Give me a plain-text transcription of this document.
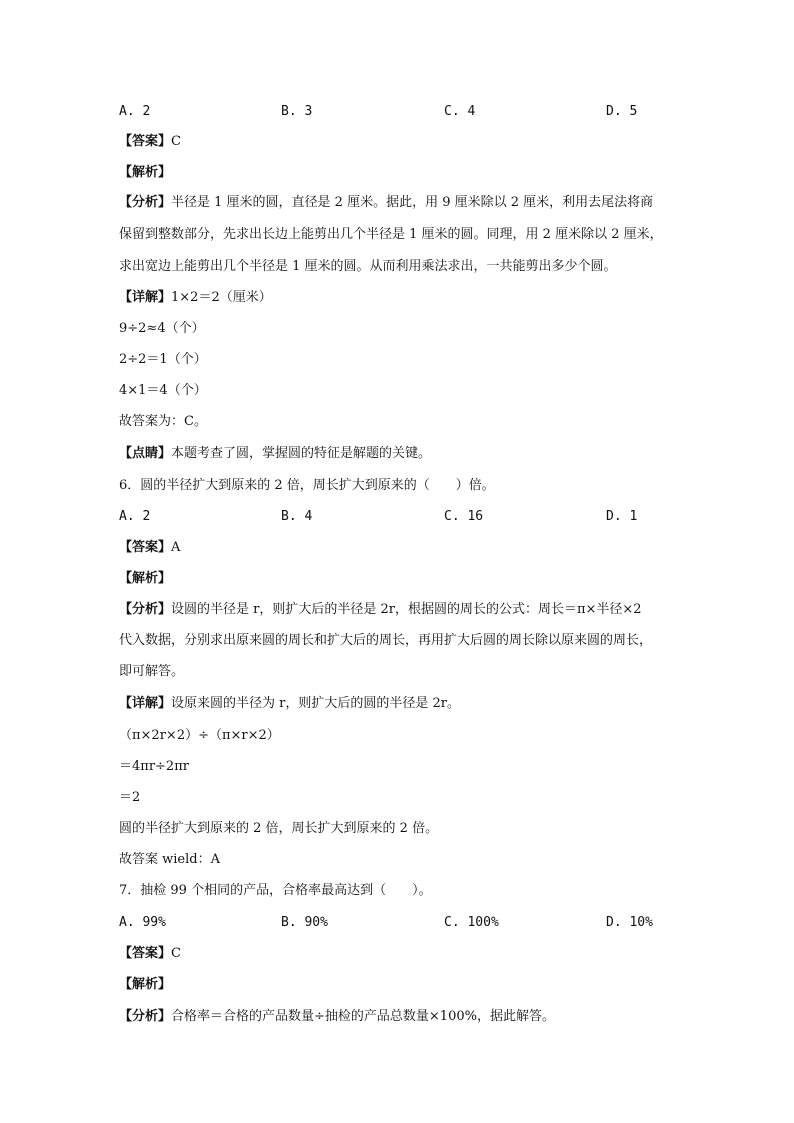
A. 2	B. 3	C. 4	D. 5
【答案】C
【解析】
【分析】半径是 1 厘米的圆，直径是 2 厘米。据此，用 9 厘米除以 2 厘米，利用去尾法将商
保留到整数部分，先求出长边上能剪出几个半径是 1 厘米的圆。同理，用 2 厘米除以 2 厘米，
求出宽边上能剪出几个半径是 1 厘米的圆。从而利用乘法求出，一共能剪出多少个圆。
【详解】1×2＝2（厘米）
9÷2≈4（个）
2÷2＝1（个）
4×1＝4（个）
故答案为：C。
【点睛】本题考查了圆，掌握圆的特征是解题的关键。
6．圆的半径扩大到原来的 2 倍，周长扩大到原来的（　　）倍。
A. 2	B. 4	C. 16	D. 1
【答案】A
【解析】
【分析】设圆的半径是 r，则扩大后的半径是 2r，根据圆的周长的公式：周长＝π×半径×2
代入数据，分别求出原来圆的周长和扩大后的周长，再用扩大后圆的周长除以原来圆的周长，
即可解答。
【详解】设原来圆的半径为 r，则扩大后的圆的半径是 2r。
（π×2r×2）÷（π×r×2）
＝4πr÷2πr
＝2
圆的半径扩大到原来的 2 倍，周长扩大到原来的 2 倍。
故答案 wield：A
7．抽检 99 个相同的产品，合格率最高达到（　　）。
A. 99%	B. 90%	C. 100%	D. 10%
【答案】C
【解析】
【分析】合格率＝合格的产品数量÷抽检的产品总数量×100%，据此解答。
